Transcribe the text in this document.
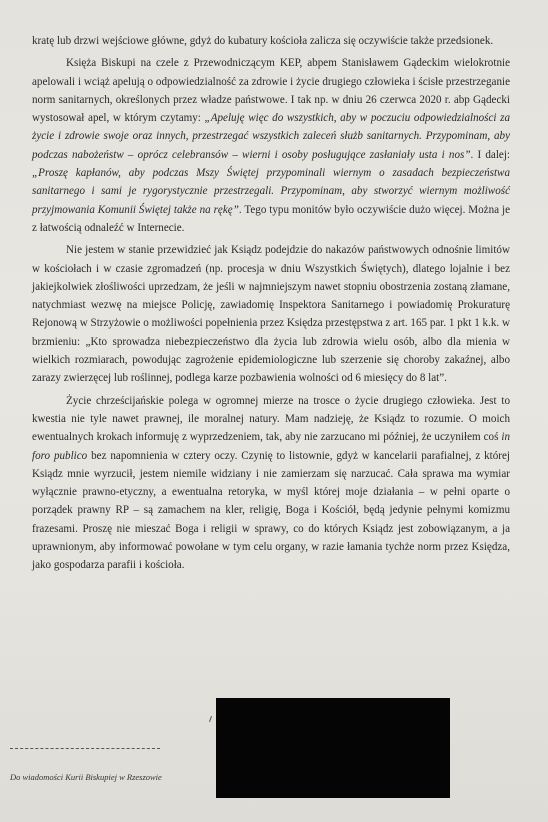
kratę lub drzwi wejściowe główne, gdyż do kubatury kościoła zalicza się oczywiście także przedsionek.

Księża Biskupi na czele z Przewodniczącym KEP, abpem Stanisławem Gądeckim wielokrotnie apelowali i wciąż apelują o odpowiedzialność za zdrowie i życie drugiego człowieka i ścisłe przestrzeganie norm sanitarnych, określonych przez władze państwowe. I tak np. w dniu 26 czerwca 2020 r. abp Gądecki wystosował apel, w którym czytamy: „Apeluję więc do wszystkich, aby w poczuciu odpowiedzialności za życie i zdrowie swoje oraz innych, przestrzegać wszystkich zaleceń służb sanitarnych. Przypominam, aby podczas nabożeństw – oprócz celebransów – wierni i osoby posługujące zasłaniały usta i nos”. I dalej: „Proszę kapłanów, aby podczas Mszy Świętej przypominali wiernym o zasadach bezpieczeństwa sanitarnego i sami je rygorystycznie przestrzegali. Przypominam, aby stworzyć wiernym możliwość przyjmowania Komunii Świętej także na rękę”. Tego typu monitów było oczywiście dużo więcej. Można je z łatwością odnaleźć w Internecie.

Nie jestem w stanie przewidzieć jak Ksiądz podejdzie do nakazów państwowych odnośnie limitów w kościołach i w czasie zgromadzeń (np. procesja w dniu Wszystkich Świętych), dlatego lojalnie i bez jakiejkolwiek złośliwości uprzedzam, że jeśli w najmniejszym nawet stopniu obostrzenia zostaną złamane, natychmiast wezwę na miejsce Policję, zawiadomię Inspektora Sanitarnego i powiadomię Prokuraturę Rejonową w Strzyżowie o możliwości popełnienia przez Księdza przestępstwa z art. 165 par. 1 pkt 1 k.k. w brzmieniu: „Kto sprowadza niebezpieczeństwo dla życia lub zdrowia wielu osób, albo dla mienia w wielkich rozmiarach, powodując zagrożenie epidemiologiczne lub szerzenie się choroby zakaźnej, albo zarazy zwierzęcej lub roślinnej, podlega karze pozbawienia wolności od 6 miesięcy do 8 lat”.

Życie chrześcijańskie polega w ogromnej mierze na trosce o życie drugiego człowieka. Jest to kwestia nie tyle nawet prawnej, ile moralnej natury. Mam nadzieję, że Ksiądz to rozumie. O moich ewentualnych krokach informuję z wyprzedzeniem, tak, aby nie zarzucano mi później, że uczyniłem coś in foro publico bez napomnienia w cztery oczy. Czynię to listownie, gdyż w kancelarii parafialnej, z której Ksiądz mnie wyrzucił, jestem niemile widziany i nie zamierzam się narzucać. Cała sprawa ma wymiar wyłącznie prawno-etyczny, a ewentualna retoryka, w myśl której moje działania – w pełni oparte o porządek prawny RP – są zamachem na kler, religię, Boga i Kościół, będą jedynie pełnymi komizmu frazesami. Proszę nie mieszać Boga i religii w sprawy, co do których Ksiądz jest zobowiązanym, a ja uprawnionym, aby informować powołane w tym celu organy, w razie łamania tychże norm przez Księdza, jako gospodarza parafii i kościoła.

Do wiadomości Kurii Biskupiej w Rzeszowie
